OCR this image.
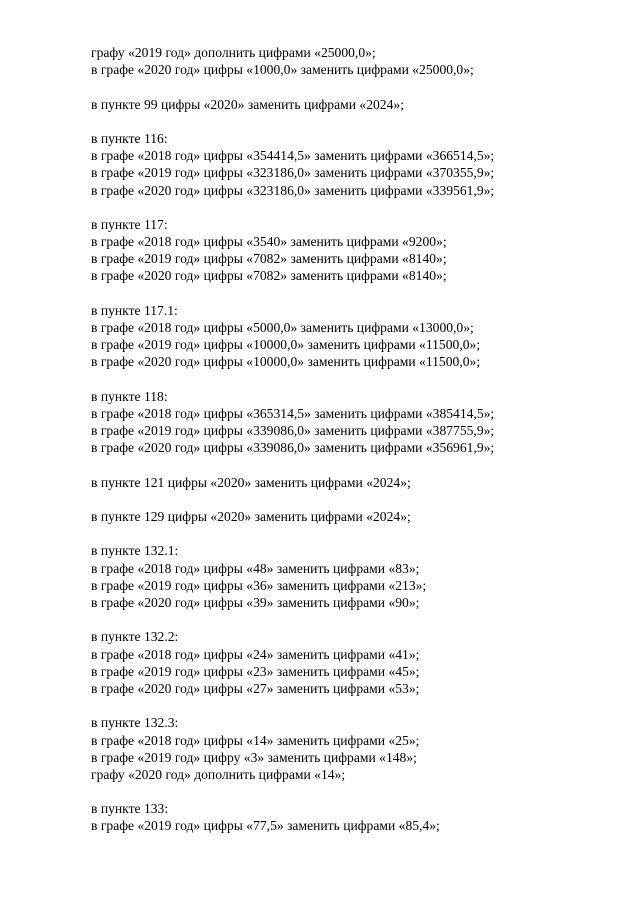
графу «2019 год» дополнить цифрами «25000,0»;
в графе «2020 год» цифры «1000,0» заменить цифрами «25000,0»;
в пункте 99 цифры «2020» заменить цифрами «2024»;
в пункте 116:
в графе «2018 год» цифры «354414,5» заменить цифрами «366514,5»;
в графе «2019 год» цифры «323186,0» заменить цифрами «370355,9»;
в графе «2020 год» цифры «323186,0» заменить цифрами «339561,9»;
в пункте 117:
в графе «2018 год» цифры «3540» заменить цифрами «9200»;
в графе «2019 год» цифры «7082» заменить цифрами «8140»;
в графе «2020 год» цифры «7082» заменить цифрами «8140»;
в пункте 117.1:
в графе «2018 год» цифры «5000,0» заменить цифрами «13000,0»;
в графе «2019 год» цифры «10000,0» заменить цифрами «11500,0»;
в графе «2020 год» цифры «10000,0» заменить цифрами «11500,0»;
в пункте 118:
в графе «2018 год» цифры «365314,5» заменить цифрами «385414,5»;
в графе «2019 год» цифры «339086,0» заменить цифрами «387755,9»;
в графе «2020 год» цифры «339086,0» заменить цифрами «356961,9»;
в пункте 121 цифры «2020» заменить цифрами «2024»;
в пункте 129 цифры «2020» заменить цифрами «2024»;
в пункте 132.1:
в графе «2018 год» цифры «48» заменить цифрами «83»;
в графе «2019 год» цифры «36» заменить цифрами «213»;
в графе «2020 год» цифры «39» заменить цифрами «90»;
в пункте 132.2:
в графе «2018 год» цифры «24» заменить цифрами «41»;
в графе «2019 год» цифры «23» заменить цифрами «45»;
в графе «2020 год» цифры «27» заменить цифрами «53»;
в пункте 132.3:
в графе «2018 год» цифры «14» заменить цифрами «25»;
в графе «2019 год» цифру «3» заменить цифрами «148»;
графу «2020 год» дополнить цифрами «14»;
в пункте 133:
в графе «2019 год» цифры «77,5» заменить цифрами «85,4»;
